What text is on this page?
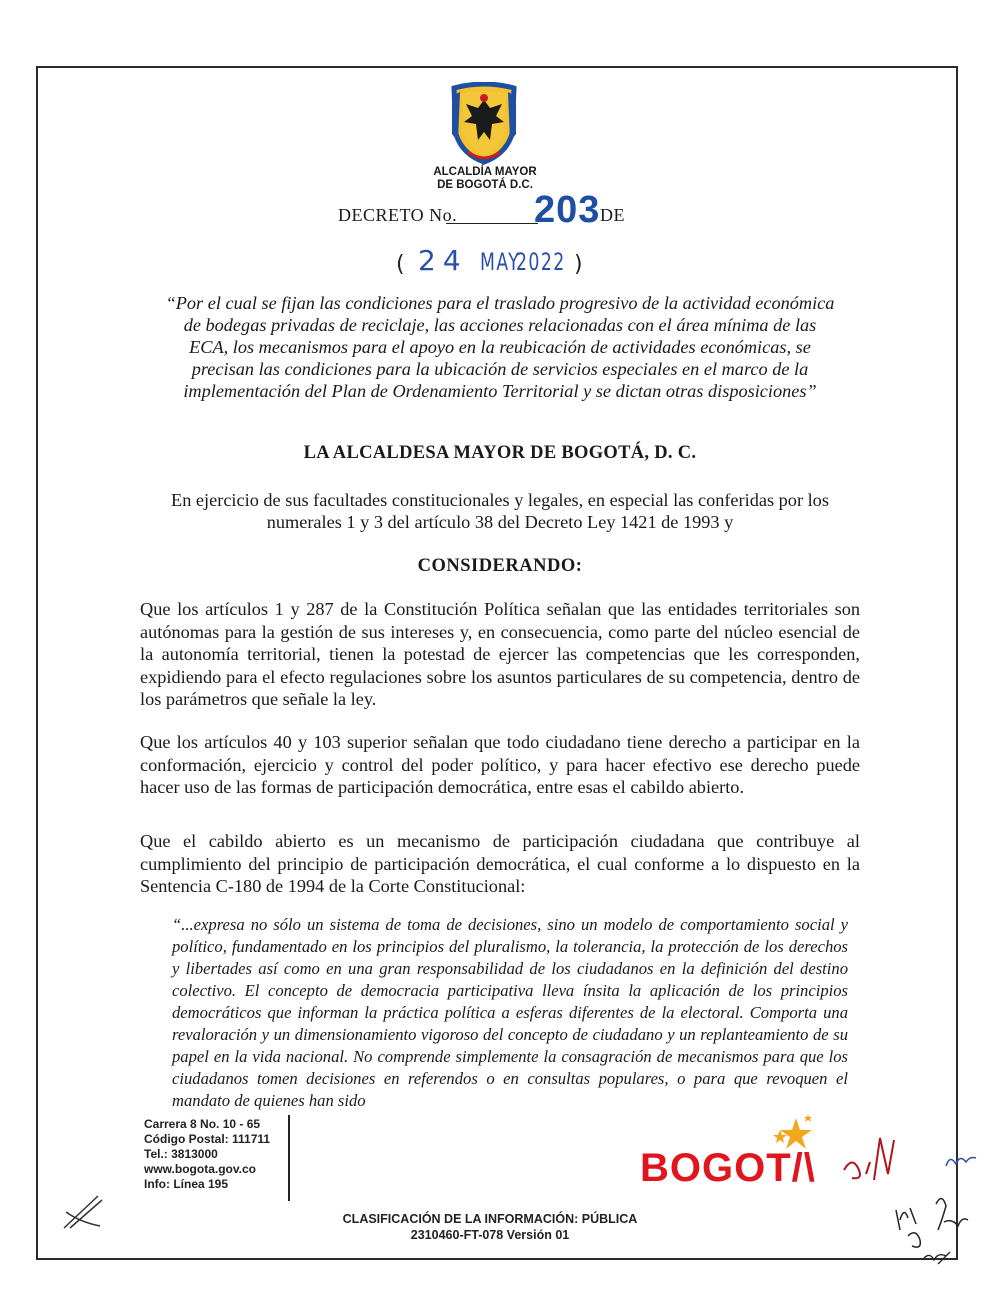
ALCALDÍA MAYOR
DE BOGOTÁ D.C.
DECRETO No. 203 DE
( 24 MAY
2022 )
“Por el cual se fijan las condiciones para el traslado progresivo de la actividad económica
de bodegas privadas de reciclaje, las acciones relacionadas con el área mínima de las
ECA, los mecanismos para el apoyo en la reubicación de actividades económicas, se
precisan las condiciones para la ubicación de servicios especiales en el marco de la
implementación del Plan de Ordenamiento Territorial y se dictan otras disposiciones”
LA ALCALDESA MAYOR DE BOGOTÁ, D. C.
En ejercicio de sus facultades constitucionales y legales, en especial las conferidas por los
numerales 1 y 3 del artículo 38 del Decreto Ley 1421 de 1993 y
CONSIDERANDO:
Que los artículos 1 y 287 de la Constitución Política señalan que las entidades territoriales son autónomas para la gestión de sus intereses y, en consecuencia, como parte del núcleo esencial de la autonomía territorial, tienen la potestad de ejercer las competencias que les corresponden, expidiendo para el efecto regulaciones sobre los asuntos particulares de su competencia, dentro de los parámetros que señale la ley.
Que los artículos 40 y 103 superior señalan que todo ciudadano tiene derecho a participar en la conformación, ejercicio y control del poder político, y para hacer efectivo ese derecho puede hacer uso de las formas de participación democrática, entre esas el cabildo abierto.
Que el cabildo abierto es un mecanismo de participación ciudadana que contribuye al cumplimiento del principio de participación democrática, el cual conforme a lo dispuesto en la Sentencia C-180 de 1994 de la Corte Constitucional:
“...expresa no sólo un sistema de toma de decisiones, sino un modelo de comportamiento social y político, fundamentado en los principios del pluralismo, la tolerancia, la protección de los derechos y libertades así como en una gran responsabilidad de los ciudadanos en la definición del destino colectivo. El concepto de democracia participativa lleva ínsita la aplicación de los principios democráticos que informan la práctica política a esferas diferentes de la electoral. Comporta una revaloración y un dimensionamiento vigoroso del concepto de ciudadano y un replanteamiento de su papel en la vida nacional. No comprende simplemente la consagración de mecanismos para que los ciudadanos tomen decisiones en referendos o en consultas populares, o para que revoquen el mandato de quienes han sido
Carrera 8 No. 10 - 65
Código Postal: 111711
Tel.: 3813000
www.bogota.gov.co
Info: Línea 195	BOGOT/\
CLASIFICACIÓN DE LA INFORMACIÓN: PÚBLICA
2310460-FT-078 Versión 01
